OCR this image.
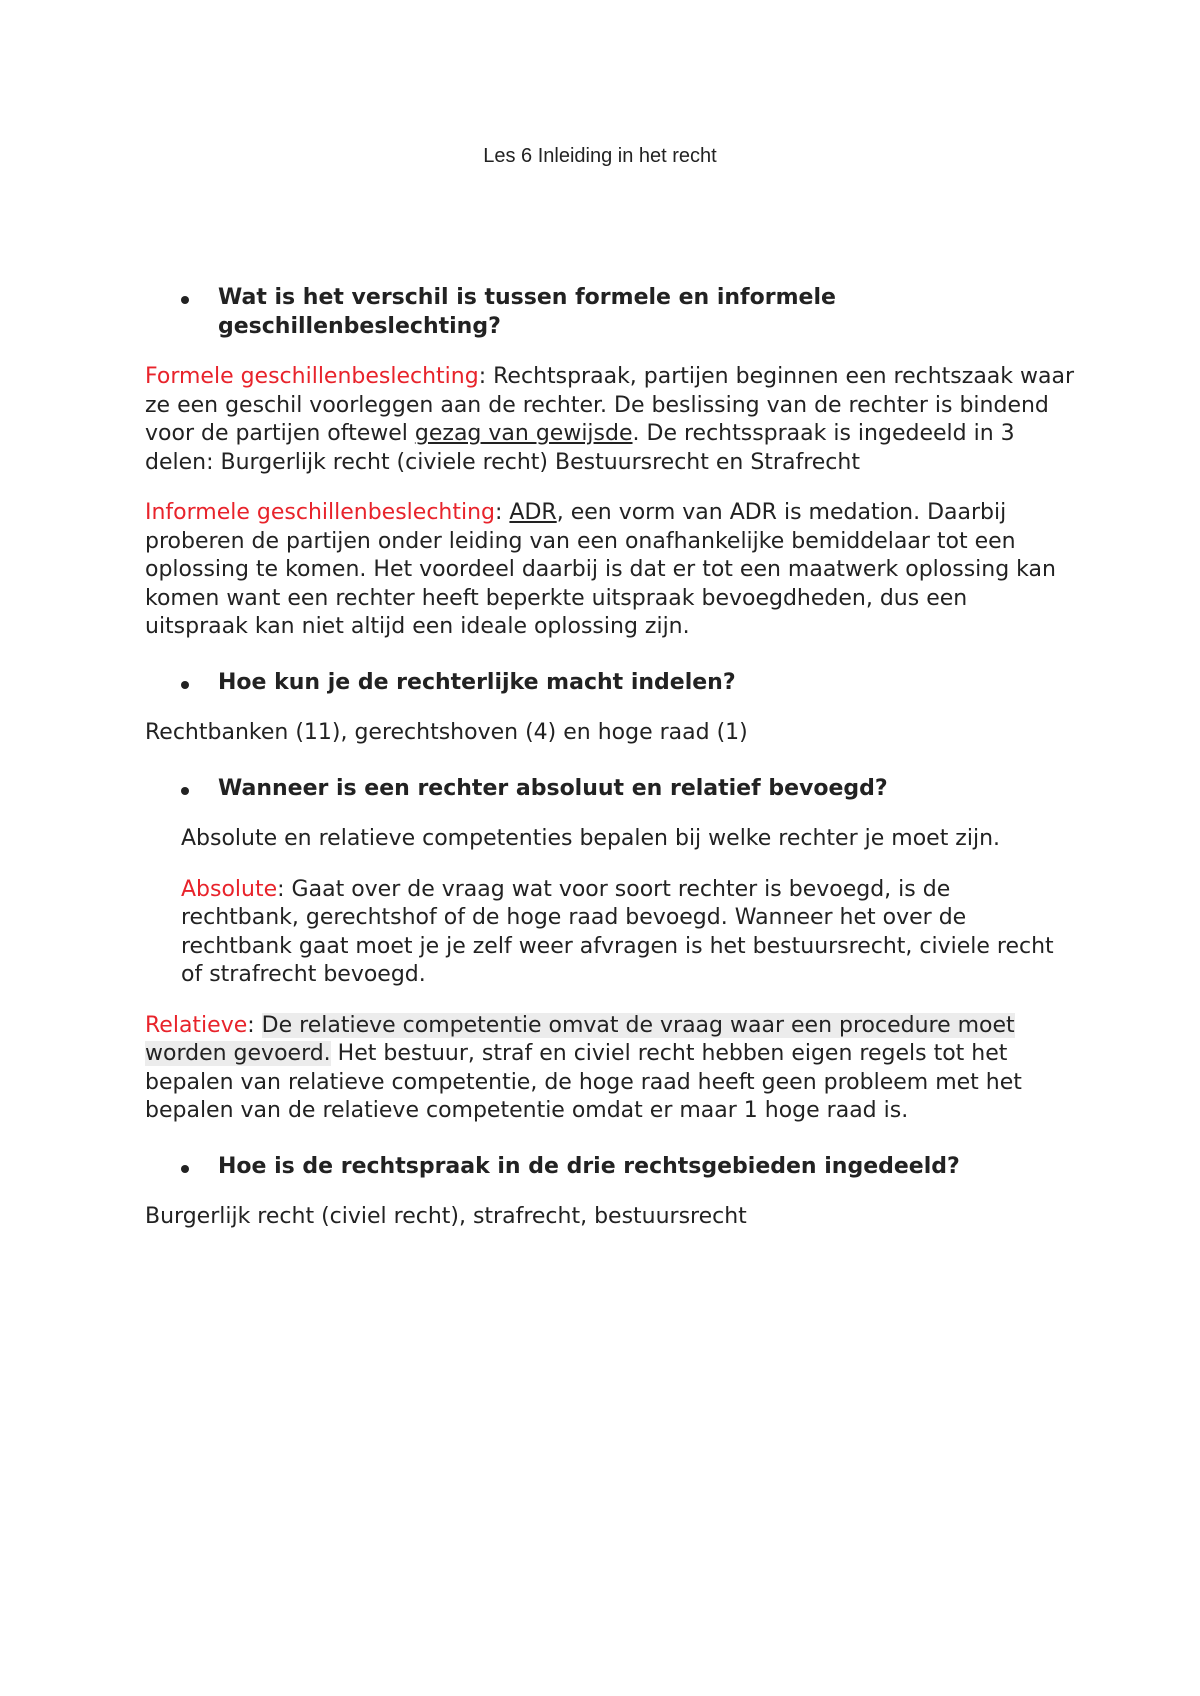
Les 6 Inleiding in het recht
Wat is het verschil is tussen formele en informele geschillenbeslechting?

Formele geschillenbeslechting: Rechtspraak, partijen beginnen een rechtszaak waar ze een geschil voorleggen aan de rechter. De beslissing van de rechter is bindend voor de partijen oftewel gezag van gewijsde. De rechtsspraak is ingedeeld in 3 delen: Burgerlijk recht (civiele recht) Bestuursrecht en Strafrecht

Informele geschillenbeslechting: ADR, een vorm van ADR is medation. Daarbij proberen de partijen onder leiding van een onafhankelijke bemiddelaar tot een oplossing te komen. Het voordeel daarbij is dat er tot een maatwerk oplossing kan komen want een rechter heeft beperkte uitspraak bevoegdheden, dus een uitspraak kan niet altijd een ideale oplossing zijn.

Hoe kun je de rechterlijke macht indelen?

Rechtbanken (11), gerechtshoven (4) en hoge raad (1)

Wanneer is een rechter absoluut en relatief bevoegd?

Absolute en relatieve competenties bepalen bij welke rechter je moet zijn.

Absolute: Gaat over de vraag wat voor soort rechter is bevoegd, is de rechtbank, gerechtshof of de hoge raad bevoegd. Wanneer het over de rechtbank gaat moet je je zelf weer afvragen is het bestuursrecht, civiele recht of strafrecht bevoegd.

Relatieve: De relatieve competentie omvat de vraag waar een procedure moet worden gevoerd. Het bestuur, straf en civiel recht hebben eigen regels tot het bepalen van relatieve competentie, de hoge raad heeft geen probleem met het bepalen van de relatieve competentie omdat er maar 1 hoge raad is.

Hoe is de rechtspraak in de drie rechtsgebieden ingedeeld?

Burgerlijk recht (civiel recht), strafrecht, bestuursrecht
